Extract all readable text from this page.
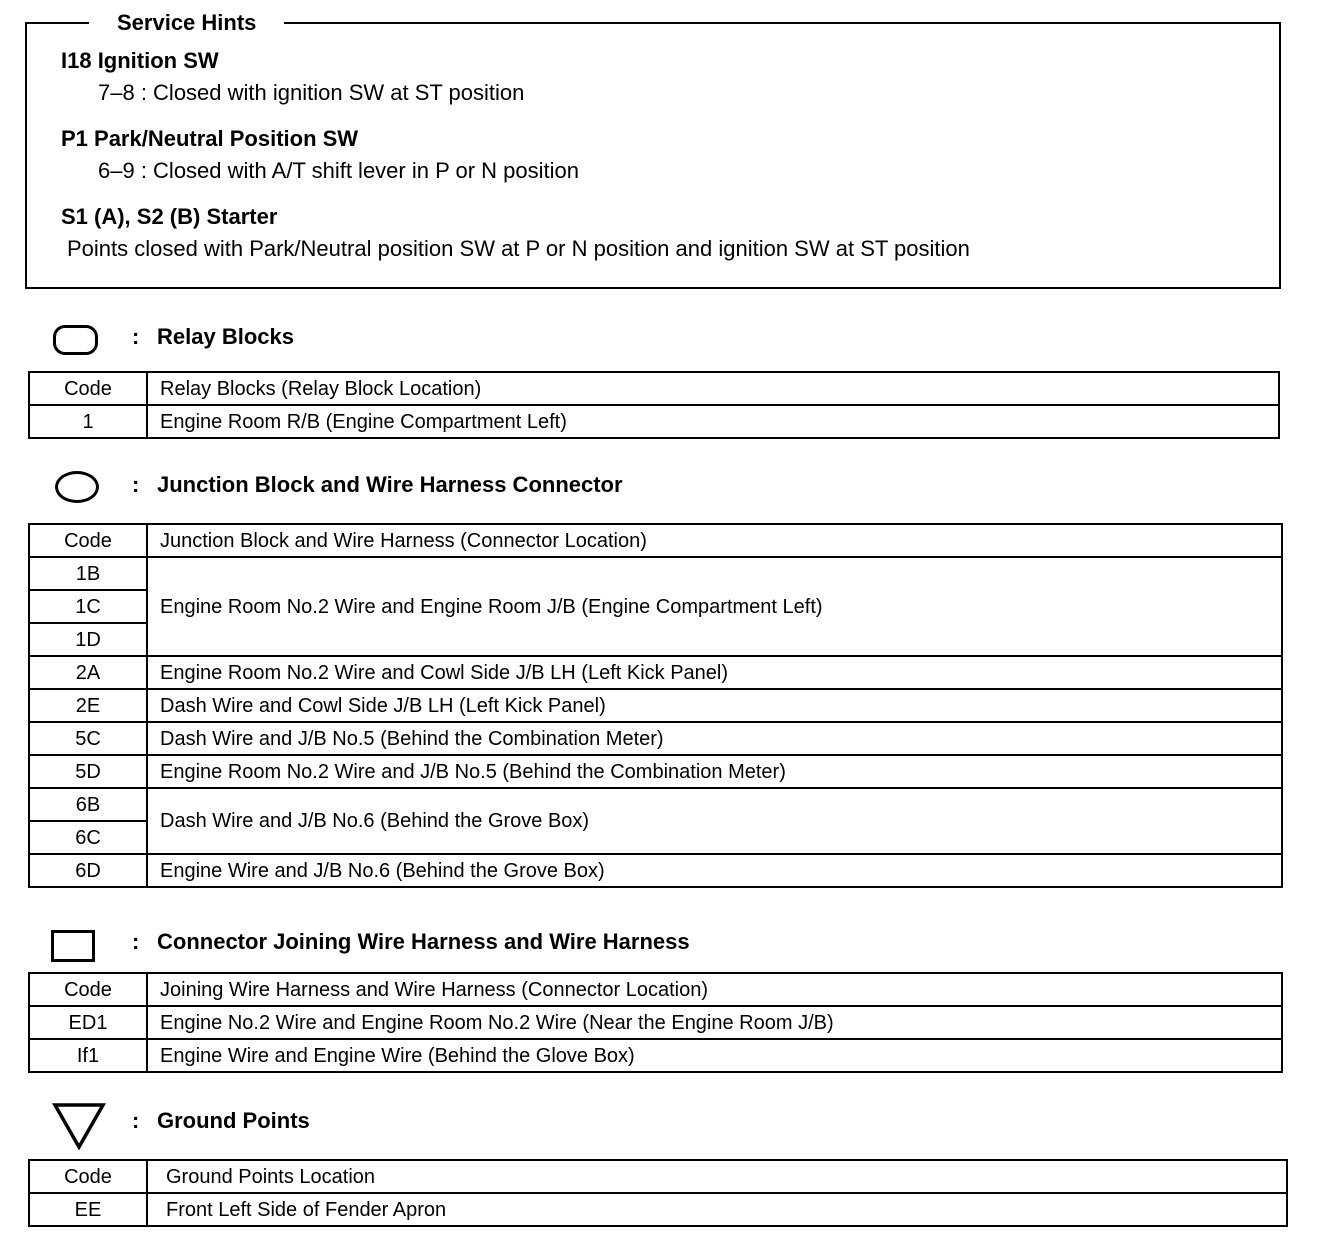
Service Hints
I18 Ignition SW
7–8 : Closed with ignition SW at ST position
P1 Park/Neutral Position SW
6–9 : Closed with A/T shift lever in P or N position
S1 (A), S2 (B) Starter
Points closed with Park/Neutral position SW at P or N position and ignition SW at ST position
: Relay Blocks
Code	Relay Blocks (Relay Block Location)
1	Engine Room R/B (Engine Compartment Left)
: Junction Block and Wire Harness Connector
Code	Junction Block and Wire Harness (Connector Location)
1B	Engine Room No.2 Wire and Engine Room J/B (Engine Compartment Left)
1C	
1D	
2A	Engine Room No.2 Wire and Cowl Side J/B LH (Left Kick Panel)
2E	Dash Wire and Cowl Side J/B LH (Left Kick Panel)
5C	Dash Wire and J/B No.5 (Behind the Combination Meter)
5D	Engine Room No.2 Wire and J/B No.5 (Behind the Combination Meter)
6B	Dash Wire and J/B No.6 (Behind the Grove Box)
6C	
6D	Engine Wire and J/B No.6 (Behind the Grove Box)
: Connector Joining Wire Harness and Wire Harness
Code	Joining Wire Harness and Wire Harness (Connector Location)
ED1	Engine No.2 Wire and Engine Room No.2 Wire (Near the Engine Room J/B)
If1	Engine Wire and Engine Wire (Behind the Glove Box)
: Ground Points
Code	Ground Points Location
EE	Front Left Side of Fender Apron
